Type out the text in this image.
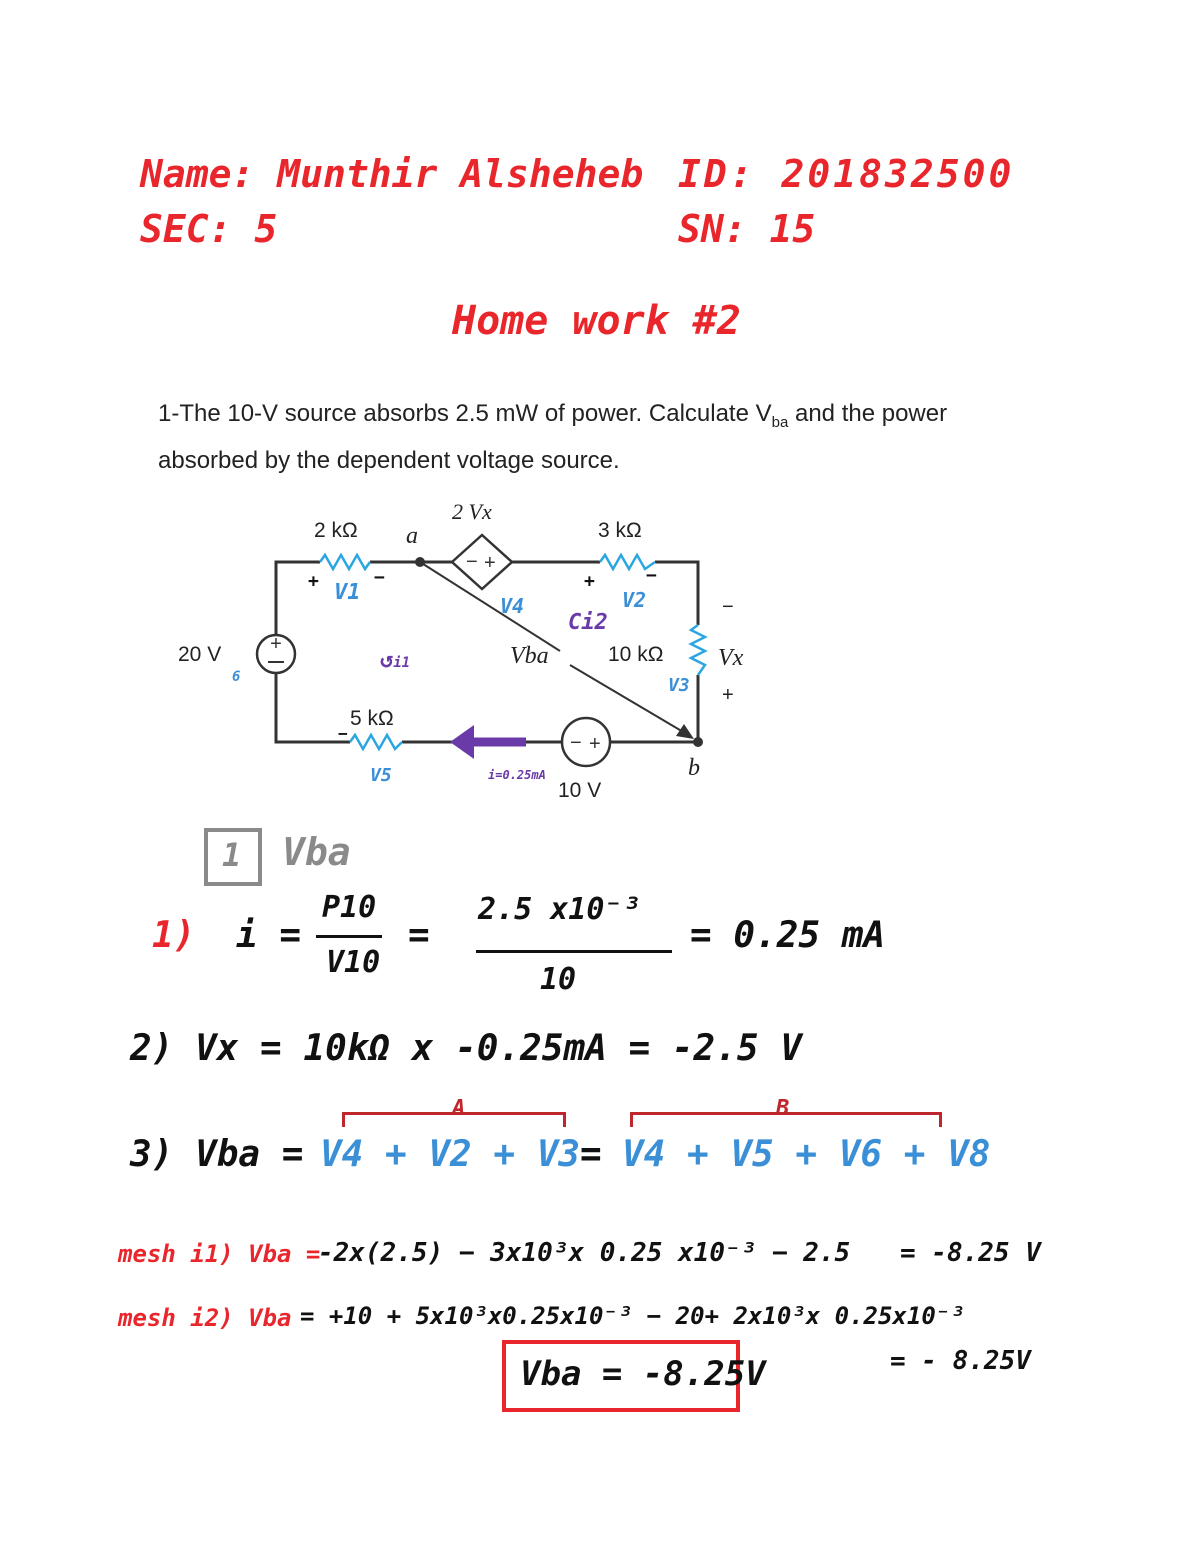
Name: Munthir Alsheheb ID: 201832500
SEC: 5	SN: 15
Home work #2
1-The 10-V source absorbs 2.5 mW of power. Calculate $V_{ba}$ and the power
absorbed by the dependent voltage source.
+
− +
− +
2 kΩ a
2 Vx
3 kΩ
20 V
6
Vba	10 kΩ Vx
−
+
5 kΩ
10 V
b
+	−
V1
V4
+	−
V2
Ci2
↺i1
V3
V5
−
i=0.25mA
1 Vba
1) i =
P10
V10
=
2.5 x10⁻³
10
= 0.25 mA
2) Vx = 10kΩ x -0.25mA = -2.5 V
A	B
3) Vba = V4 + V2 + V3 = V4 + V5 + V6 + V8
mesh i1) Vba =
-2x(2.5) − 3x10³x 0.25 x10⁻³ − 2.5 = -8.25 V
mesh i2) Vba = +10 + 5x10³x0.25x10⁻³ − 20+ 2x10³x 0.25x10⁻³
= - 8.25V
Vba = -8.25V
